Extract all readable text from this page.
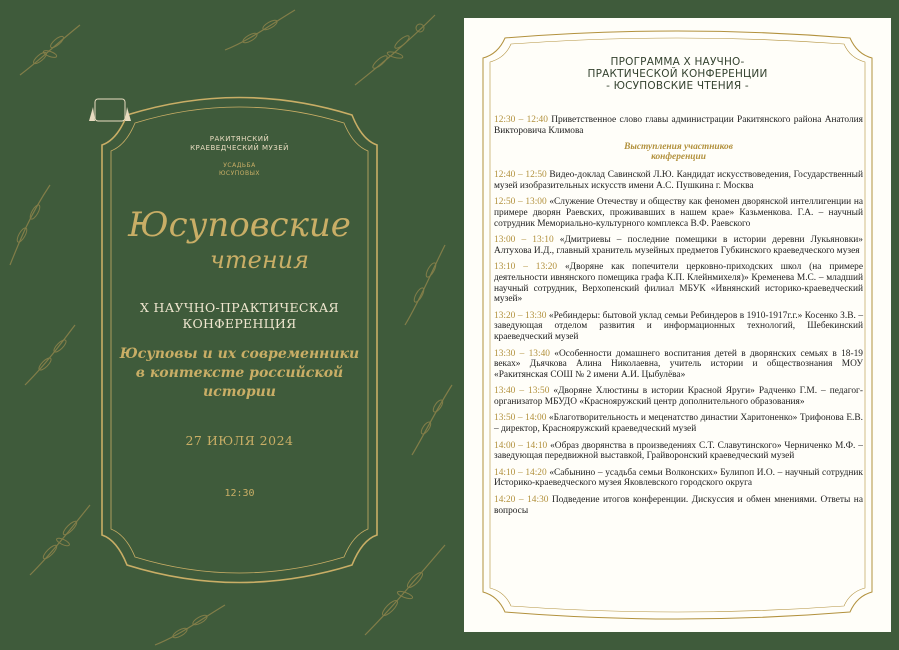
РАКИТЯНСКИЙ
КРАЕВЕДЧЕСКИЙ МУЗЕЙ
УСАДЬБА
ЮСУПОВЫХ
Юсуповские
чтения
X НАУЧНО-ПРАКТИЧЕСКАЯ
КОНФЕРЕНЦИЯ
Юсуповы и их современники
в контексте российской
истории
27 ИЮЛЯ 2024
12:30
ПРОГРАММА X НАУЧНО-
ПРАКТИЧЕСКОЙ КОНФЕРЕНЦИИ
- ЮСУПОВСКИЕ ЧТЕНИЯ -
12:30 – 12:40 Приветственное слово главы администрации Ракитянского района Анатолия Викторовича Климова
Выступления участников
конференции
12:40 – 12:50 Видео-доклад Савинской Л.Ю. Кандидат искусствоведения, Государственный музей изобразительных искусств имени А.С. Пушкина г. Москва
12:50 – 13:00 «Служение Отечеству и обществу как феномен дворянской интеллигенции на примере дворян Раевских, проживавших в нашем крае» Казьменкова. Г.А. – научный сотрудник Мемориально-культурного комплекса В.Ф. Раевского
13:00 – 13:10 «Дмитриевы – последние помещики в истории деревни Лукьяновки» Алтухова И.Д., главный хранитель музейных предметов Губкинского краеведческого музея
13:10 – 13:20 «Дворяне как попечители церковно-приходских школ (на примере деятельности ивнянского помещика графа К.П. Клейнмихеля)» Кременева М.С. – младший научный сотрудник, Верхопенский филиал МБУК «Ивнянский историко-краеведческий музей»
13:20 – 13:30 «Ребиндеры: бытовой уклад семьи Ребиндеров в 1910-1917г.г.» Косенко З.В. – заведующая отделом развития и информационных технологий, Шебекинский краеведческий музей
13:30 – 13:40 «Особенности домашнего воспитания детей в дворянских семьях в 18-19 веках» Дьячкова Алина Николаевна, учитель истории и обществознания МОУ «Ракитянская СОШ № 2 имени А.И. Цыбулёва»
13:40 – 13:50 «Дворяне Хлюстины в истории Красной Яруги» Радченко Г.М. – педагог-организатор МБУДО «Краснояружский центр дополнительного образования»
13:50 – 14:00 «Благотворительность и меценатство династии Харитоненко» Трифонова Е.В. – директор, Краснояружский краеведческий музей
14:00 – 14:10 «Образ дворянства в произведениях С.Т. Славутинского» Черниченко М.Ф. – заведующая передвижной выставкой, Грайворонский краеведческий музей
14:10 – 14:20 «Сабынино – усадьба семьи Волконских» Булипоп И.О. – научный сотрудник Историко-краеведческого музея Яковлевского городского округа
14:20 – 14:30 Подведение итогов конференции. Дискуссия и обмен мнениями. Ответы на вопросы
